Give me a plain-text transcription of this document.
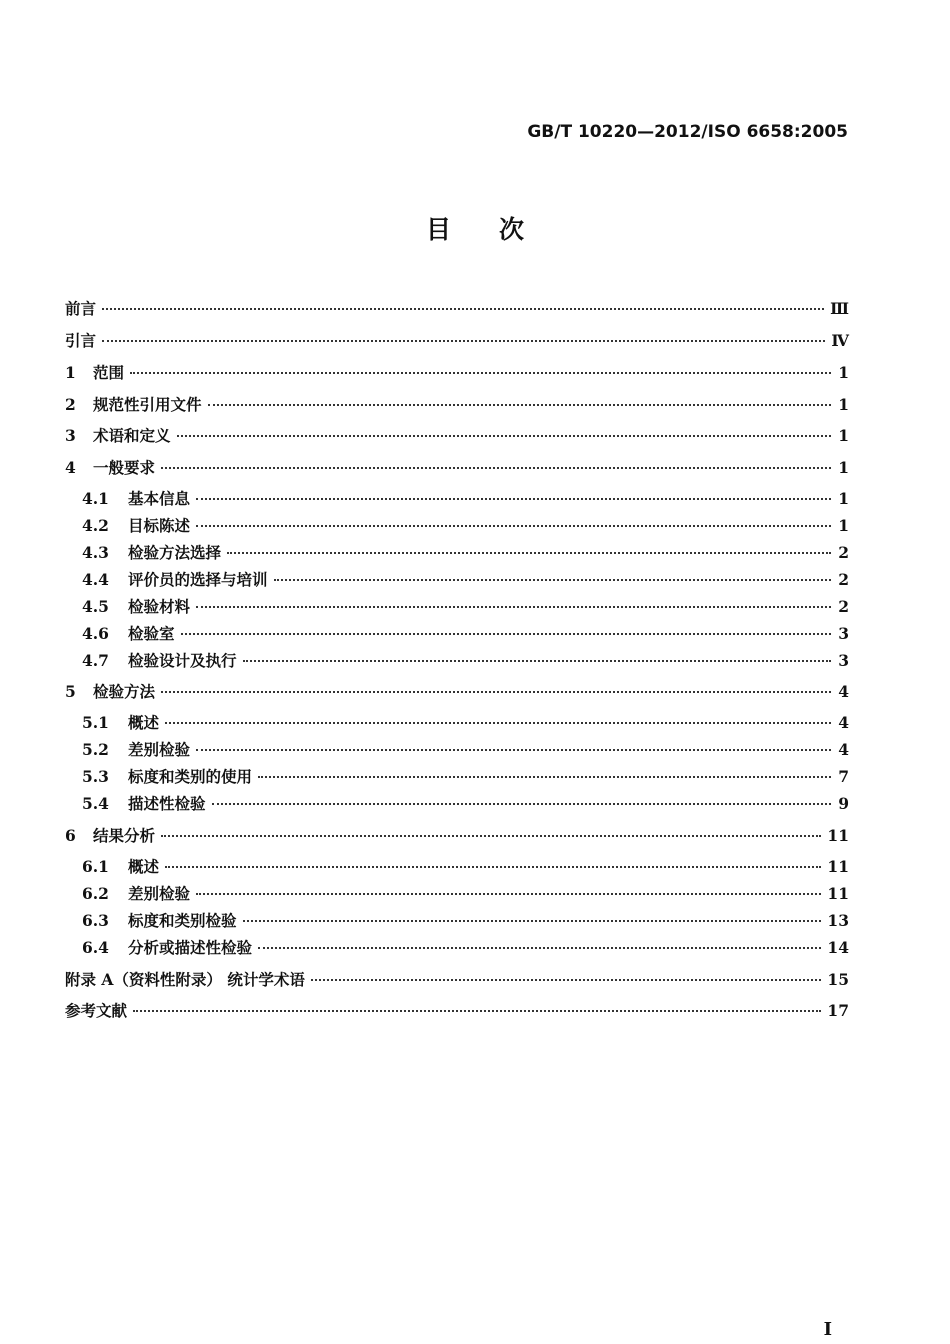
GB/T 10220—2012/ISO 6658:2005
目次
前言	Ⅲ
引言	Ⅳ
1	范围	1
2	规范性引用文件	1
3	术语和定义	1
4	一般要求	1
4.1	基本信息	1
4.2	目标陈述	1
4.3	检验方法选择	2
4.4	评价员的选择与培训	2
4.5	检验材料	2
4.6	检验室	3
4.7	检验设计及执行	3
5	检验方法	4
5.1	概述	4
5.2	差别检验	4
5.3	标度和类别的使用	7
5.4	描述性检验	9
6	结果分析	11
6.1	概述	11
6.2	差别检验	11
6.3	标度和类别检验	13
6.4	分析或描述性检验	14
附录 A（资料性附录） 统计学术语	15
参考文献	17
I
